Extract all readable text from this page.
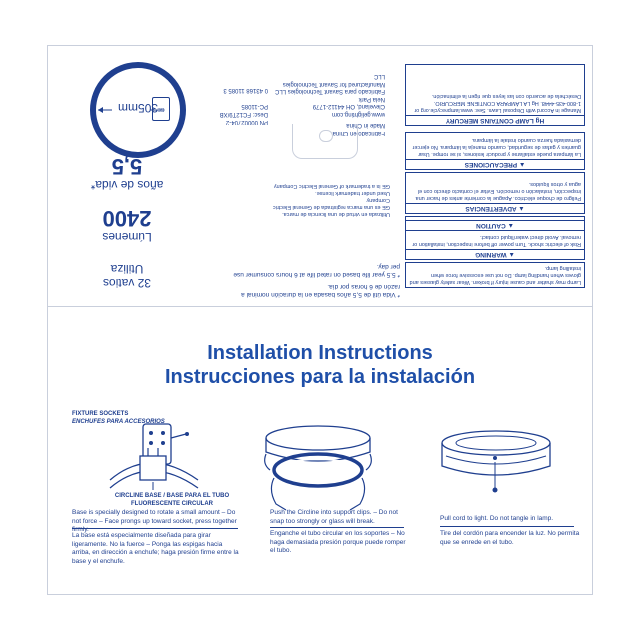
GE
305mm
32 vatios
Utiliza
Lúmenes
2400
años de vida*
5,5
* Vida útil de 5,5 años basada en la duración nominal a razón de 6 horas por día.
* 5.5 year life based on rated life at 6 hours consumer use per day.
PN 00002704-2
Desc: FC12T9/XB
PC-11085
0 43168 11085 3
Fabricado en China
Made in China
www.gelighting.com
Cleveland, OH 44112-1779
Nela Park
Fabricado para Savant Technologies LLC
Manufactured for Savant Technologies LLC
Utilizada en virtud de una licencia de marca.
GE es una marca registrada de General Electric Company
Used under trademark license.
GE is a trademark of General Electric Company
▲ WARNING
Risk of electric shock. Turn power off before inspection, installation or removal. Avoid direct water/liquid contact.
▲ CAUTION
Lamp may shatter and cause injury if broken. Wear safety glasses and gloves when handling lamp. Do not use excessive force when installing lamp.
▲ ADVERTENCIAS
Peligro de choque eléctrico. Apague la corriente antes de hacer una inspección, instalación o remoción. Evitar el contacto directo con el agua y otros líquidos.
▲ PRECAUCIONES
La lámpara puede estallarse y producir lesiones, si se rompe. Usar guantes y gafas de seguridad, cuando maneja la lámpara. No ejercer demasiada fuerza cuando instale la lámpara.
Hg LAMP CONTAINS MERCURY
Manage in Accord with Disposal Laws. See: www.lamprecycle.org or 1-800-435-4448. Hg LA LÁMPARA CONTIENE MERCURIO. Deséchela de acuerdo con las leyes que rigen la eliminación.
Installation Instructions
Instrucciones para la instalación
FIXTURE SOCKETS
ENCHUFES PARA ACCESORIOS
CIRCLINE BASE / BASE PARA EL TUBO FLUORESCENTE CIRCULAR
Base is specially designed to rotate a small amount – Do not force – Face prongs up toward socket, press together firmly.
La base está especialmente diseñada para girar ligeramente. No la fuerce – Ponga las espigas hacia arriba, en dirección a enchufe; haga presión firme entre la base y el enchufe.
Push the Circline into support clips. – Do not snap too strongly or glass will break.
Enganche el tubo circular en los soportes – No haga demasiada presión porque puede romper el tubo.
Pull cord to light. Do not tangle in lamp.
Tire del cordón para encender la luz. No permita que se enrede en el tubo.
